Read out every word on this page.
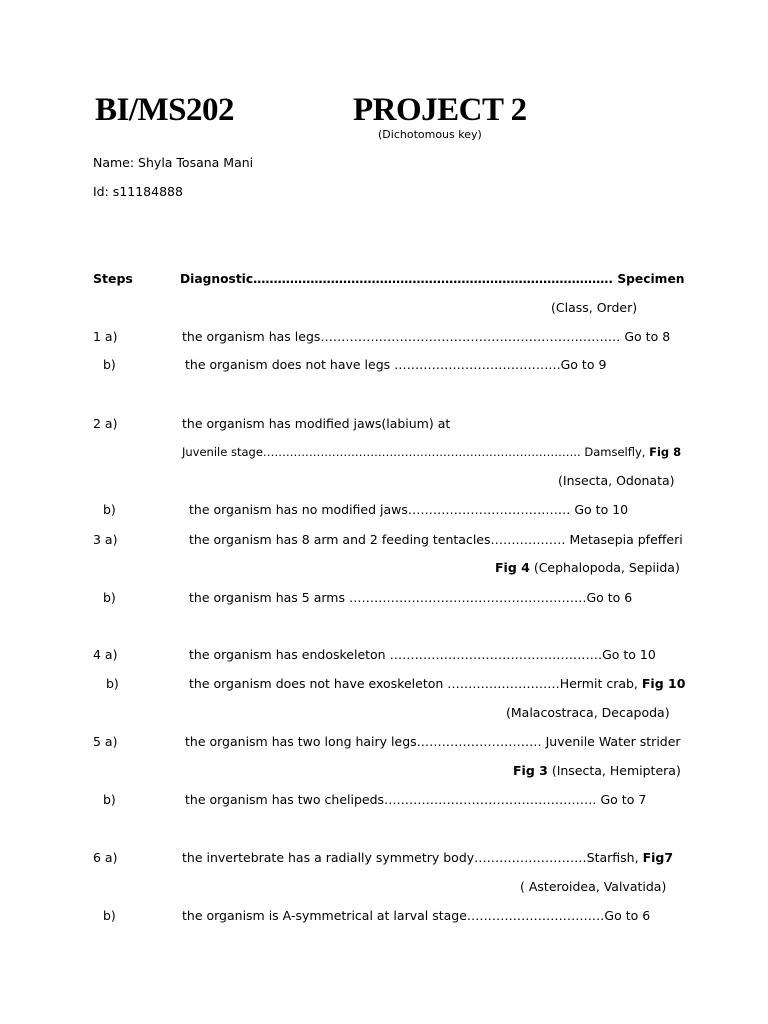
BI/MS202	PROJECT 2
(Dichotomous key)
Name: Shyla Tosana Mani
Id: s11184888
Steps	Diagnostic……………………………………………………………………………. Specimen
(Class, Order)
1 a)	the organism has legs……………………………………………………………… Go to 8
b)	the organism does not have legs ………………………………….Go to 9
2 a)	the organism has modified jaws(labium) at
Juvenile stage……………………………………………………………………….. Damselfly, Fig 8
(Insecta, Odonata)
b)	the organism has no modified jaws………………………………… Go to 10
3 a)	the organism has 8 arm and 2 feeding tentacles……………… Metasepia pfefferi
Fig 4 (Cephalopoda, Sepiida)
b)	the organism has 5 arms …………………………………………………Go to 6
4 a)	the organism has endoskeleton ……………………………………………Go to 10
b)	the organism does not have exoskeleton ………………………Hermit crab, Fig 10
(Malacostraca, Decapoda)
5 a)	the organism has two long hairy legs………………………… Juvenile Water strider
Fig 3 (Insecta, Hemiptera)
b)	the organism has two chelipeds…………………………………………… Go to 7
6 a)	the invertebrate has a radially symmetry body………………………Starfish, Fig7
( Asteroidea, Valvatida)
b)	the organism is A-symmetrical at larval stage……………………………Go to 6
